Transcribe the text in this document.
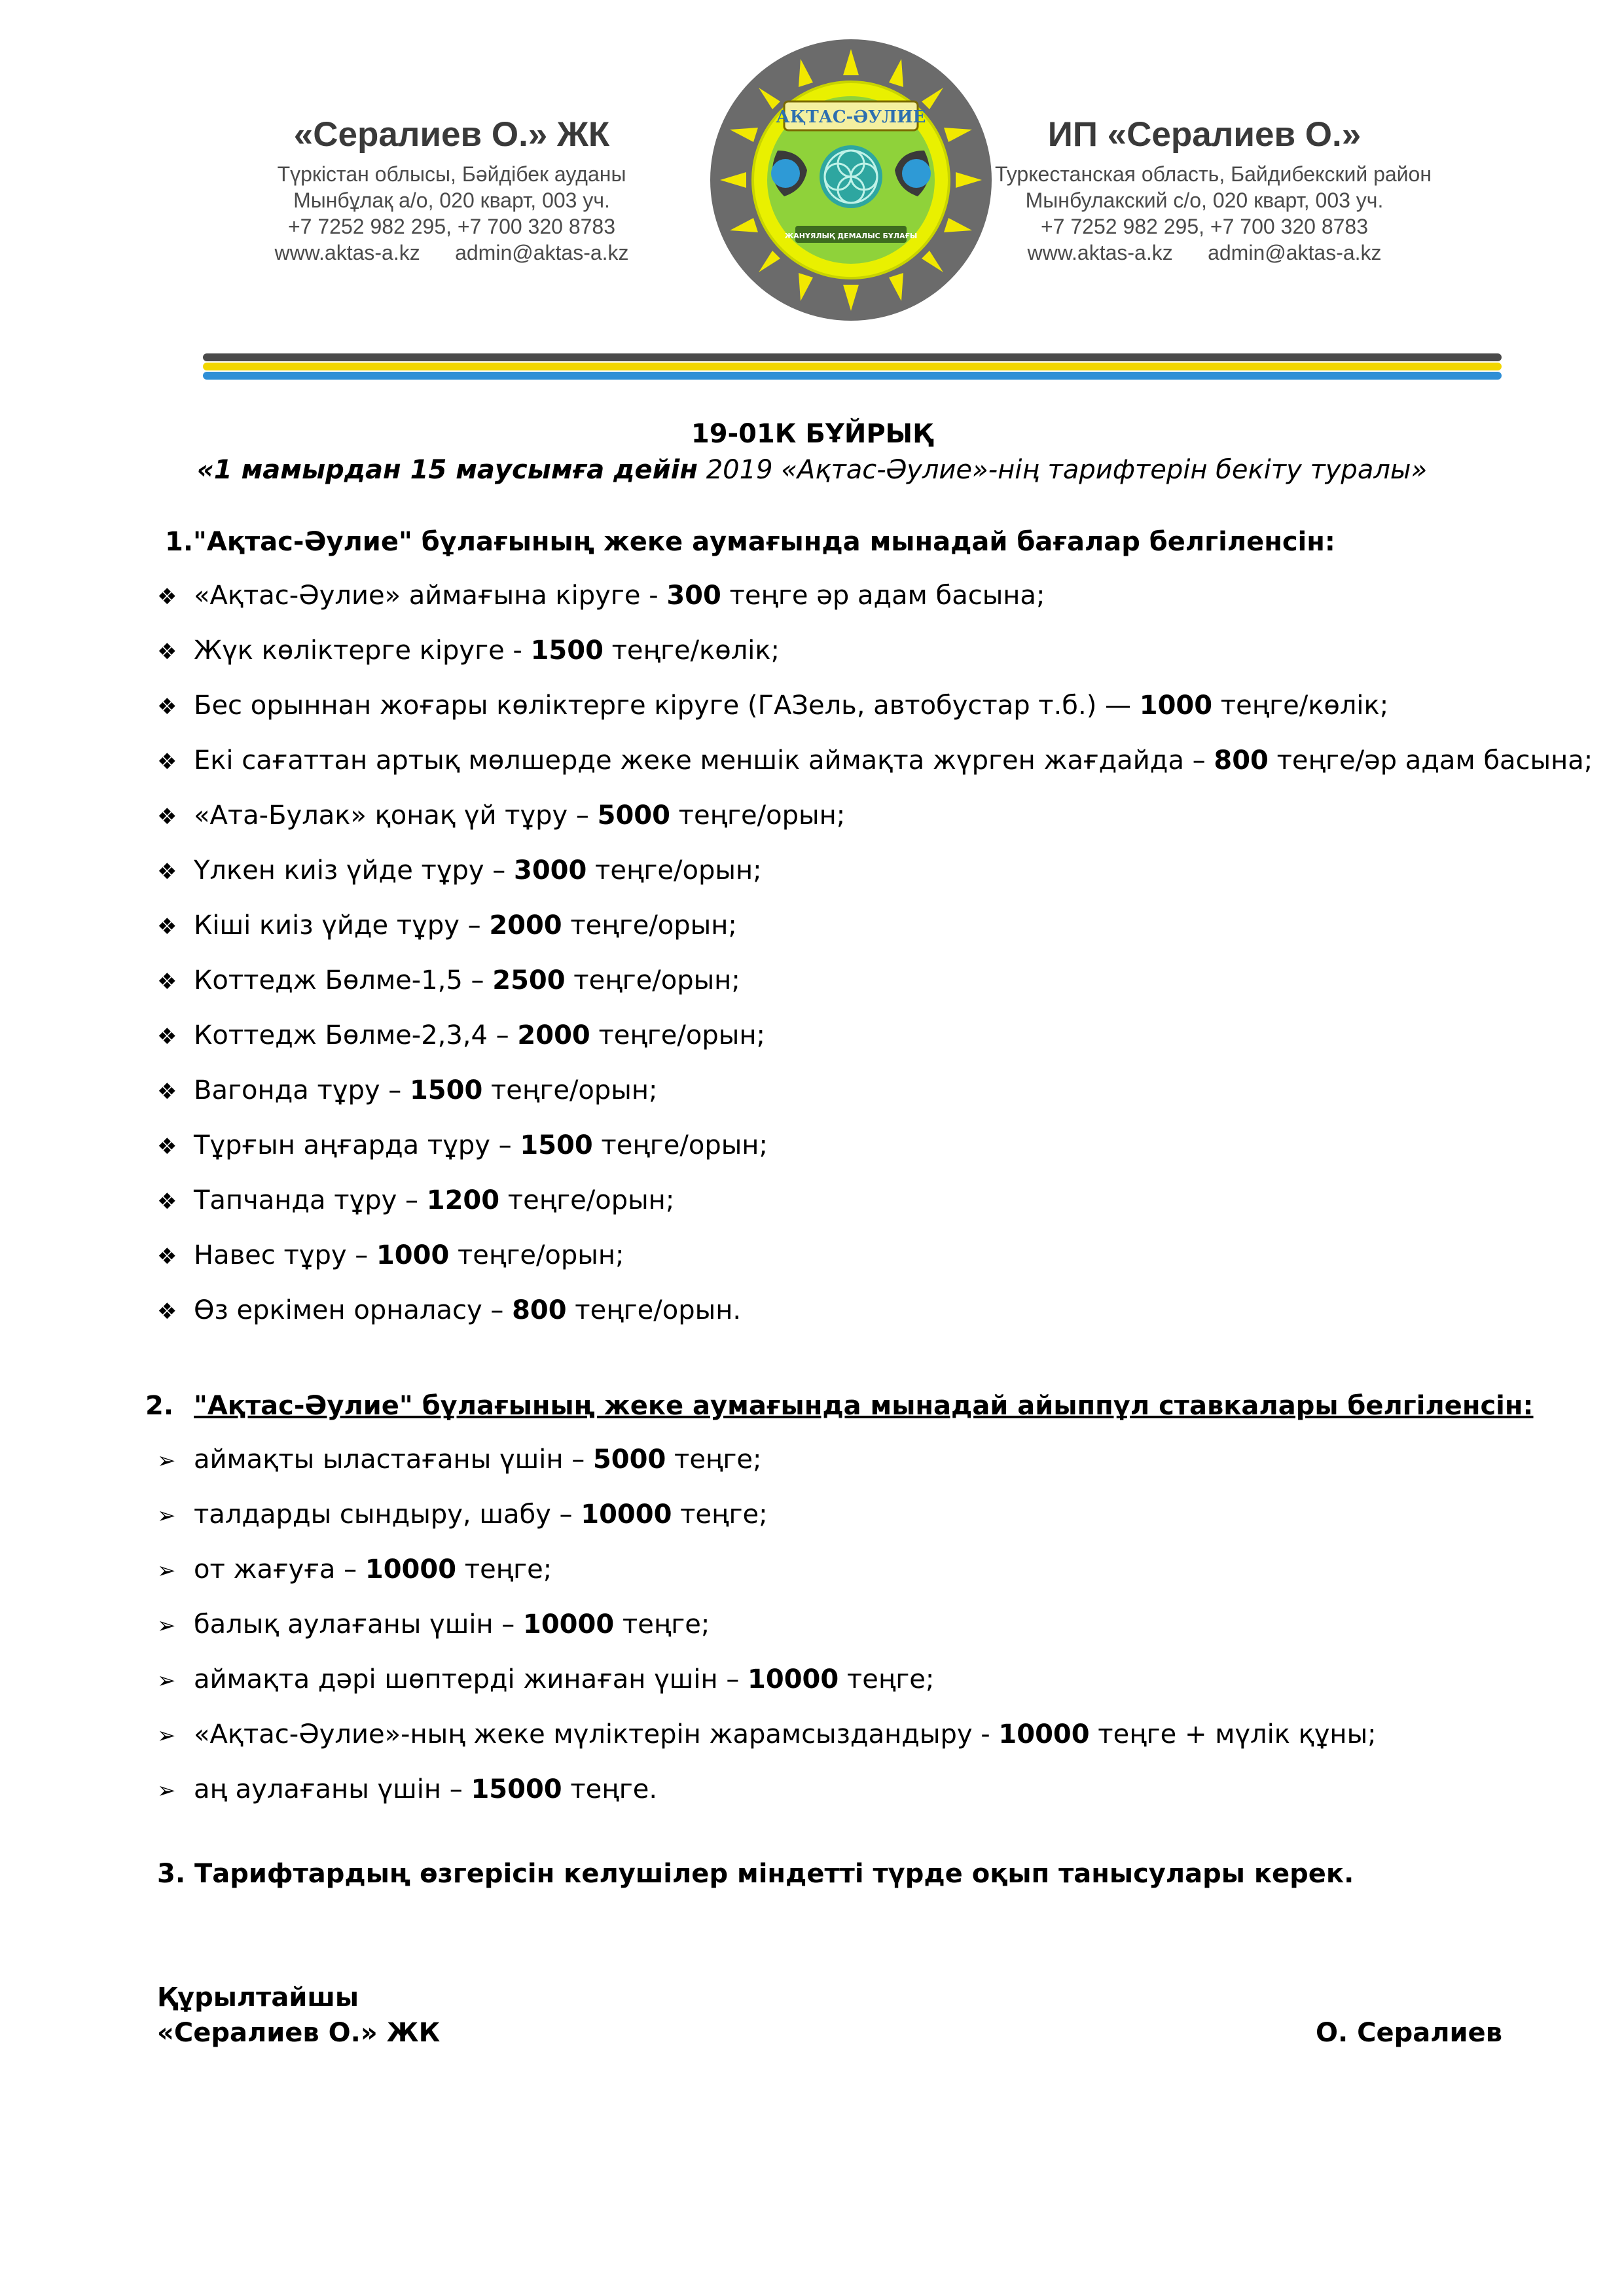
«Сералиев О.» ЖК
Түркістан облысы, Бәйдібек ауданы
Мынбұлақ а/о, 020 кварт, 003 уч.
+7 7252 982 295, +7 700 320 8783
www.aktas-a.kz      admin@aktas-a.kz
АҚТАС-ӘУЛИЕ
ЖАНҰЯЛЫҚ ДЕМАЛЫС БҰЛАҒЫ
ИП «Сералиев О.»
Туркестанская область, Байдибекский район
Мынбулакский с/о, 020 кварт, 003 уч.
+7 7252 982 295, +7 700 320 8783
www.aktas-a.kz      admin@aktas-a.kz
19-01К БҰЙРЫҚ
«1 мамырдан 15 маусымға дейін 2019 «Ақтас-Әулие»-нің тарифтерін бекіту туралы»
1."Ақтас-Әулие" бұлағының жеке аумағында мынадай бағалар белгіленсін:
❖ «Ақтас-Әулие» аймағына кіруге - 300 теңге әр адам басына;
❖ Жүк көліктерге кіруге - 1500 теңге/көлік;
❖ Бес орыннан жоғары көліктерге кіруге (ГАЗель, автобустар т.б.) — 1000 теңге/көлік;
❖ Екі сағаттан артық мөлшерде жеке меншік аймақта жүрген жағдайда – 800 теңге/әр адам басына;
❖ «Ата-Булак» қонақ үй тұру – 5000 теңге/орын;
❖ Үлкен киіз үйде тұру – 3000 теңге/орын;
❖ Кіші киіз үйде тұру – 2000 теңге/орын;
❖ Коттедж Бөлме-1,5 – 2500 теңге/орын;
❖ Коттедж Бөлме-2,3,4 – 2000 теңге/орын;
❖ Вагонда тұру – 1500 теңге/орын;
❖ Тұрғын аңғарда тұру – 1500 теңге/орын;
❖ Тапчанда тұру – 1200 теңге/орын;
❖ Навес тұру – 1000 теңге/орын;
❖ Өз еркімен орналасу – 800 теңге/орын.
2. "Ақтас-Әулие" бұлағының жеке аумағында мынадай айыппұл ставкалары белгіленсін:
➢ аймақты ыластағаны үшін – 5000 теңге;
➢ талдарды сындыру, шабу – 10000 теңге;
➢ от жағуға – 10000 теңге;
➢ балық аулағаны үшін – 10000 теңге;
➢ аймақта дәрі шөптерді жинаған үшін – 10000 теңге;
➢ «Ақтас-Әулие»-ның жеке мүліктерін жарамсыздандыру - 10000 теңге + мүлік құны;
➢ аң аулағаны үшін – 15000 теңге.
3. Тарифтардың өзгерісін келушілер міндетті түрде оқып танысулары керек.
Құрылтайшы
«Сералиев О.» ЖК	О. Сералиев
